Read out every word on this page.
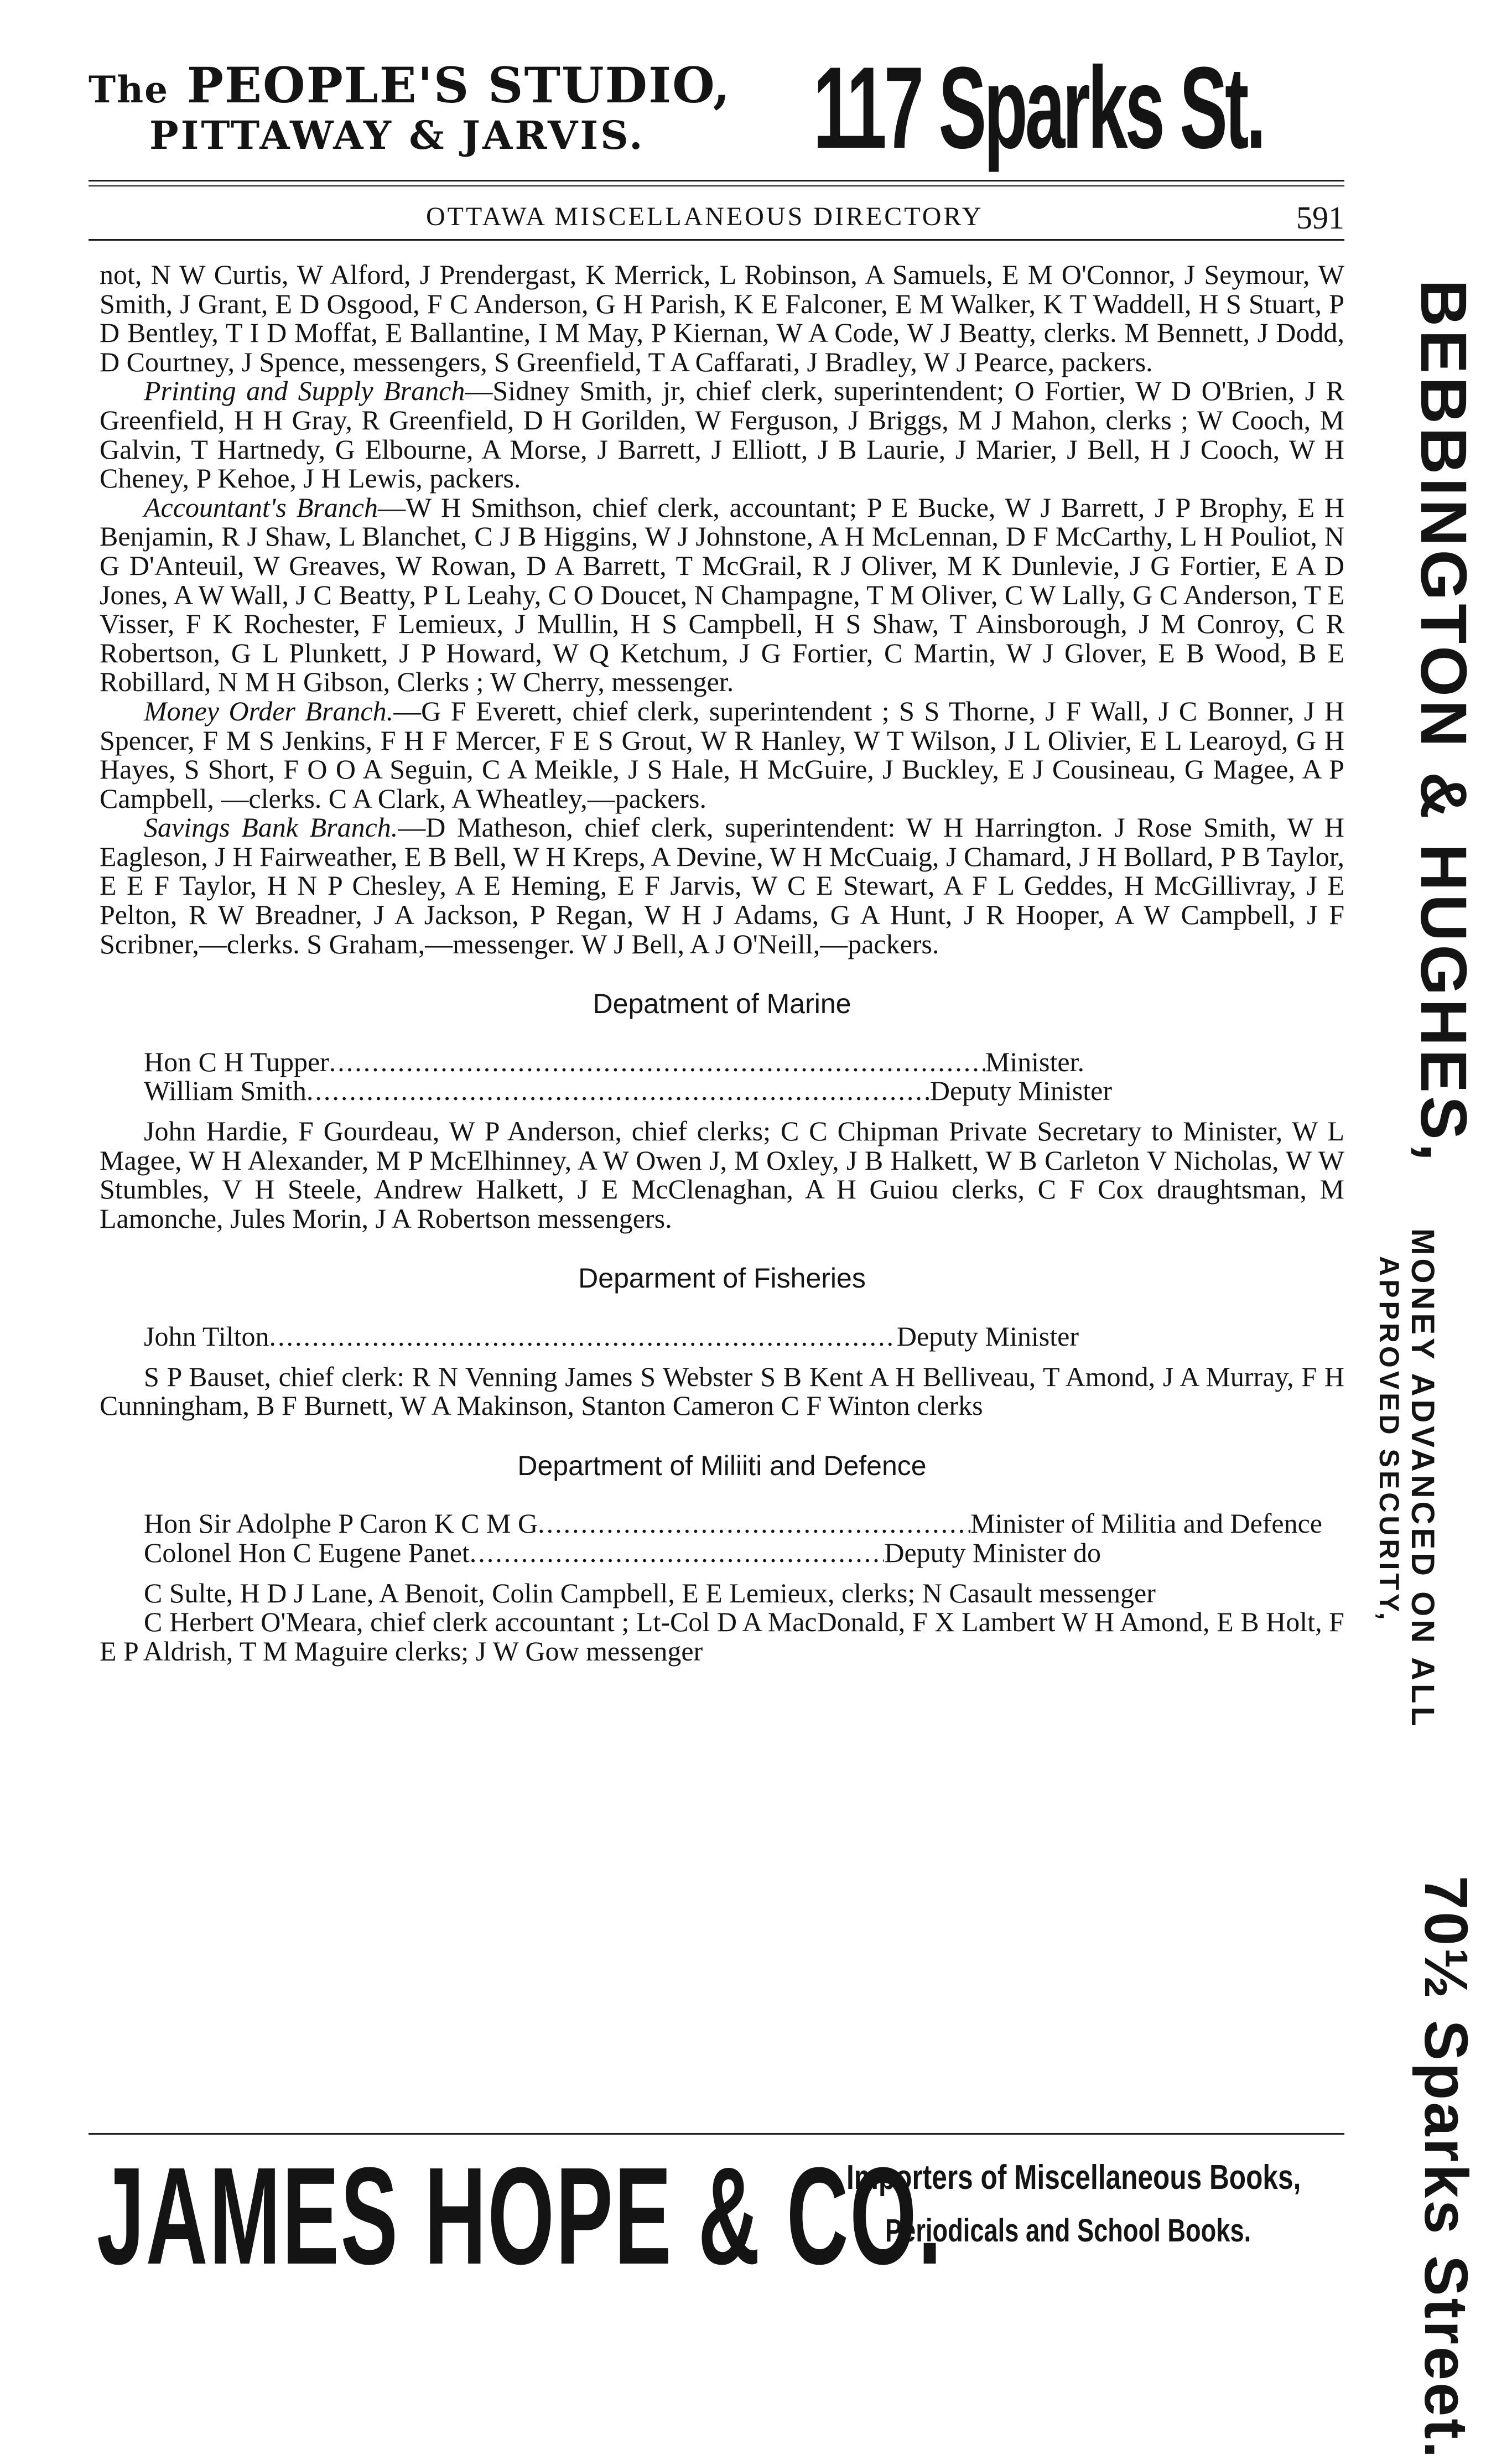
The PEOPLE'S STUDIO,
PITTAWAY & JARVIS. 117 Sparks St.
OTTAWA MISCELLANEOUS DIRECTORY	591

not, N W Curtis, W Alford, J Prendergast, K Merrick, L Robinson, A Samuels, E M O'Connor, J Seymour, W Smith, J Grant, E D Osgood, F C Anderson, G H Parish, K E Falconer, E M Walker, K T Waddell, H S Stuart, P D Bentley, T I D Moffat, E Ballantine, I M May, P Kiernan, W A Code, W J Beatty, clerks. M Bennett, J Dodd, D Courtney, J Spence, messengers, S Greenfield, T A Caffarati, J Bradley, W J Pearce, packers.

Printing and Supply Branch—Sidney Smith, jr, chief clerk, superintendent; O Fortier, W D O'Brien, J R Greenfield, H H Gray, R Greenfield, D H Gorilden, W Ferguson, J Briggs, M J Mahon, clerks ; W Cooch, M Galvin, T Hartnedy, G Elbourne, A Morse, J Barrett, J Elliott, J B Laurie, J Marier, J Bell, H J Cooch, W H Cheney, P Kehoe, J H Lewis, packers.

Accountant's Branch—W H Smithson, chief clerk, accountant; P E Bucke, W J Barrett, J P Brophy, E H Benjamin, R J Shaw, L Blanchet, C J B Higgins, W J Johnstone, A H McLennan, D F McCarthy, L H Pouliot, N G D'Anteuil, W Greaves, W Rowan, D A Barrett, T McGrail, R J Oliver, M K Dunlevie, J G Fortier, E A D Jones, A W Wall, J C Beatty, P L Leahy, C O Doucet, N Champagne, T M Oliver, C W Lally, G C Anderson, T E Visser, F K Rochester, F Lemieux, J Mullin, H S Campbell, H S Shaw, T Ainsborough, J M Conroy, C R Robertson, G L Plunkett, J P Howard, W Q Ketchum, J G Fortier, C Martin, W J Glover, E B Wood, B E Robillard, N M H Gibson, Clerks ; W Cherry, messenger.

Money Order Branch.—G F Everett, chief clerk, superintendent ; S S Thorne, J F Wall, J C Bonner, J H Spencer, F M S Jenkins, F H F Mercer, F E S Grout, W R Hanley, W T Wilson, J L Olivier, E L Learoyd, G H Hayes, S Short, F O O A Seguin, C A Meikle, J S Hale, H McGuire, J Buckley, E J Cousineau, G Magee, A P Campbell, —clerks. C A Clark, A Wheatley,—packers.

Savings Bank Branch.—D Matheson, chief clerk, superintendent: W H Harrington. J Rose Smith, W H Eagleson, J H Fairweather, E B Bell, W H Kreps, A Devine, W H McCuaig, J Chamard, J H Bollard, P B Taylor, E E F Taylor, H N P Chesley, A E Heming, E F Jarvis, W C E Stewart, A F L Geddes, H McGillivray, J E Pelton, R W Breadner, J A Jackson, P Regan, W H J Adams, G A Hunt, J R Hooper, A W Campbell, J F Scribner,—clerks. S Graham,—messenger. W J Bell, A J O'Neill,—packers.

Depatment of Marine
Hon C H Tupper .....	Minister.
William Smith .....	Deputy Minister

John Hardie, F Gourdeau, W P Anderson, chief clerks; C C Chipman Private Secretary to Minister, W L Magee, W H Alexander, M P McElhinney, A W Owen J, M Oxley, J B Halkett, W B Carleton V Nicholas, W W Stumbles, V H Steele, Andrew Halkett, J E McClenaghan, A H Guiou clerks, C F Cox draughtsman, M Lamonche, Jules Morin, J A Robertson messengers.

Deparment of Fisheries
John Tilton .....	Deputy Minister

S P Bauset, chief clerk: R N Venning James S Webster S B Kent A H Belliveau, T Amond, J A Murray, F H Cunningham, B F Burnett, W A Makinson, Stanton Cameron C F Winton clerks

Department of Miliiti and Defence
Hon Sir Adolphe P Caron K C M G .....	Minister of Militia and Defence
Colonel Hon C Eugene Panet .....	Deputy Minister do

C Sulte, H D J Lane, A Benoit, Colin Campbell, E E Lemieux, clerks; N Casault messenger

C Herbert O'Meara, chief clerk accountant ; Lt-Col D A MacDonald, F X Lambert W H Amond, E B Holt, F E P Aldrish, T M Maguire clerks; J W Gow messenger

BEBBINGTON & HUGHES,
MONEY ADVANCED ON ALL
APPROVED SECURITY,
70½ Sparks Street.
JAMES HOPE & CO.
Importers of Miscellaneous Books,
Periodicals and School Books.
